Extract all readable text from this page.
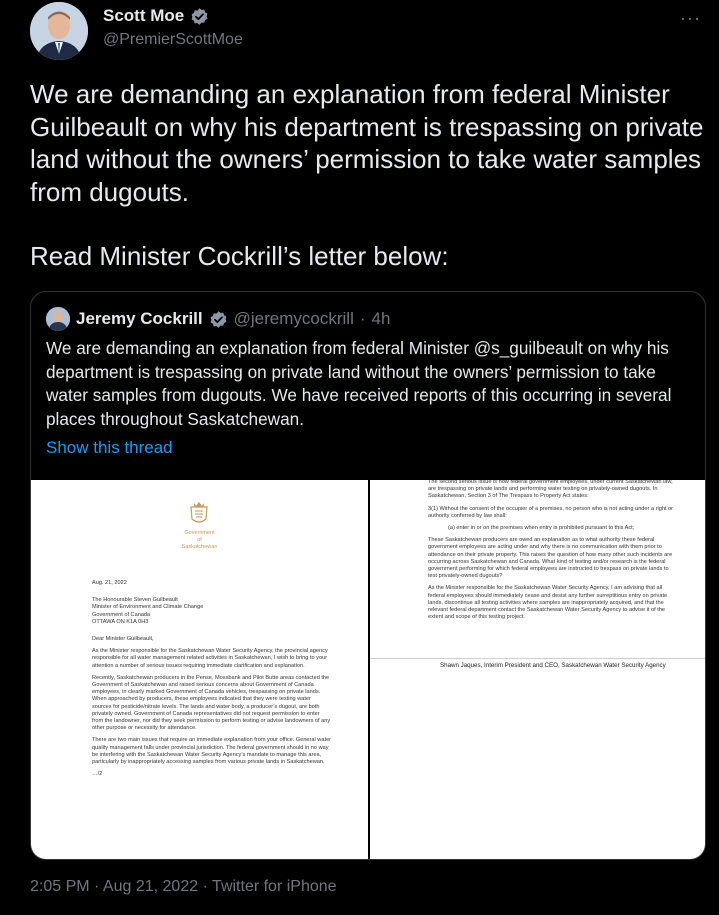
Scott Moe
@PremierScottMoe
···

We are demanding an explanation from federal Minister Guilbeault on why his department is trespassing on private land without the owners’ permission to take water samples from dugouts.

Read Minister Cockrill’s letter below:

Jeremy Cockrill @jeremycockrill · 4h
We are demanding an explanation from federal Minister @s_guilbeault on why his department is trespassing on private land without the owners’ permission to take water samples from dugouts. We have received reports of this occurring in several places throughout Saskatchewan.
Show this thread
Government
of
Saskatchewan

Aug. 21, 2022

The Honourable Steven Guilbeault
Minister of Environment and Climate Change
Government of Canada
OTTAWA ON K1A 0H3

Dear Minister Guilbeault,

As the Minister responsible for the Saskatchewan Water Security Agency, the provincial agency responsible for all water management related activities in Saskatchewan, I wish to bring to your attention a number of serious issues requiring immediate clarification and explanation.

Recently, Saskatchewan producers in the Pense, Mossbank and Pilot Butte areas contacted the Government of Saskatchewan and raised serious concerns about Government of Canada employees, in clearly marked Government of Canada vehicles, trespassing on private lands. When approached by producers, these employees indicated that they were testing water sources for pesticide/nitrate levels. The lands and water body, a producer’s dugout, are both privately owned. Government of Canada representatives did not request permission to enter from the landowner, nor did they seek permission to perform testing or advise landowners of any other purpose or necessity for attendance.

There are two main issues that require an immediate explanation from your office. General water quality management falls under provincial jurisdiction. The federal government should in no way be interfering with the Saskatchewan Water Security Agency’s mandate to manage this area, particularly by inappropriately accessing samples from various private lands in Saskatchewan.

…/2

The second serious issue is how federal government employees, under current Saskatchewan law, are trespassing on private lands and performing water testing on privately-owned dugouts. In Saskatchewan, Section 3 of The Trespass to Property Act states:

3(1) Without the consent of the occupier of a premises, no person who is not acting under a right or authority conferred by law shall:

(a) enter in or on the premises when entry is prohibited pursuant to this Act;

These Saskatchewan producers are owed an explanation as to what authority these federal government employees are acting under and why there is no communication with them prior to attendance on their private property. This raises the question of how many other such incidents are occurring across Saskatchewan and Canada. What kind of testing and/or research is the federal government performing for which federal employees are instructed to trespass on private lands to test privately-owned dugouts?

As the Minister responsible for the Saskatchewan Water Security Agency, I am advising that all federal employees should immediately cease and desist any further surreptitious entry on private lands, discontinue all testing activities where samples are inappropriately acquired, and that the relevant federal department contact the Saskatchewan Water Security Agency to advise it of the extent and scope of this testing project.

Shawn Jaques, Interim President and CEO, Saskatchewan Water Security Agency
2:05 PM · Aug 21, 2022 · Twitter for iPhone
